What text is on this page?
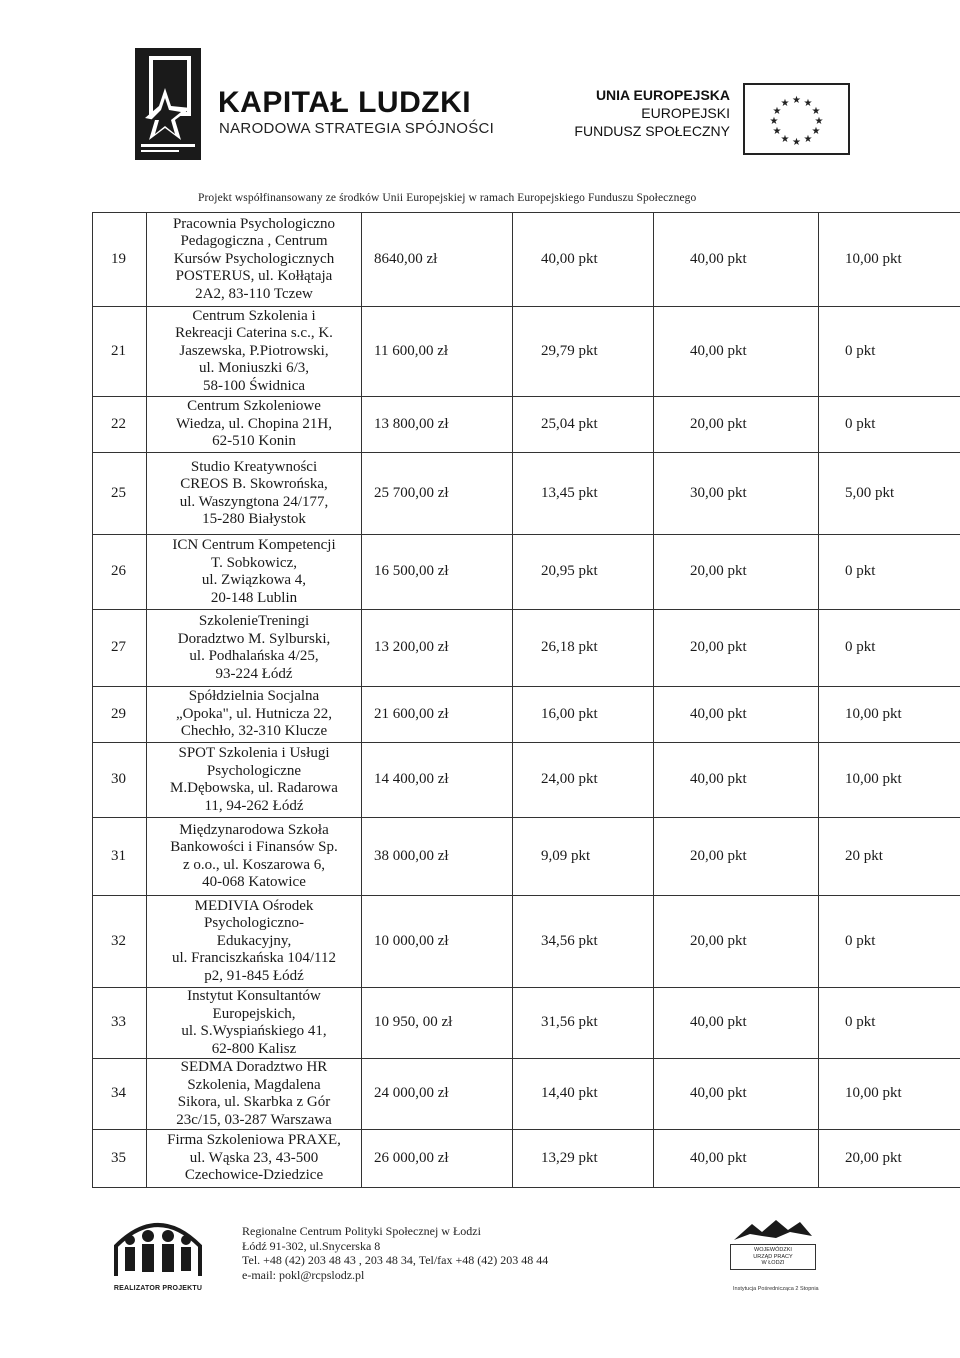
KAPITAŁ LUDZKI
NARODOWA STRATEGIA SPÓJNOŚCI
UNIA EUROPEJSKA
EUROPEJSKI
FUNDUSZ SPOŁECZNY
★ ★
★
★
★
★
★
★
★
★
★
★
Projekt współfinansowany ze środków Unii Europejskiej w ramach Europejskiego Funduszu Społecznego
19	Pracownia Psychologiczno
Pedagogiczna , Centrum
Kursów Psychologicznych
POSTERUS, ul. Kołłątaja
2A2, 83-110 Tczew	8640,00 zł	40,00 pkt	40,00 pkt	10,00 pkt
21	Centrum Szkolenia i
Rekreacji Caterina s.c., K.
Jaszewska, P.Piotrowski,
ul. Moniuszki 6/3,
58-100 Świdnica	11 600,00 zł	29,79 pkt	40,00 pkt	0 pkt
22	Centrum Szkoleniowe
Wiedza, ul. Chopina 21H,
62-510 Konin	13 800,00 zł	25,04 pkt	20,00 pkt	0 pkt
25	Studio Kreatywności
CREOS B. Skowrońska,
ul. Waszyngtona 24/177,
15-280 Białystok	25 700,00 zł	13,45 pkt	30,00 pkt	5,00 pkt
26	ICN Centrum Kompetencji
T. Sobkowicz,
ul. Związkowa 4,
20-148 Lublin	16 500,00 zł	20,95 pkt	20,00 pkt	0 pkt
27	SzkolenieTreningi
Doradztwo M. Sylburski,
ul. Podhalańska 4/25,
93-224 Łódź	13 200,00 zł	26,18 pkt	20,00 pkt	0 pkt
29	Spółdzielnia Socjalna
„Opoka", ul. Hutnicza 22,
Chechło, 32-310 Klucze	21 600,00 zł	16,00 pkt	40,00 pkt	10,00 pkt
30	SPOT Szkolenia i Usługi
Psychologiczne
M.Dębowska, ul. Radarowa
11, 94-262 Łódź	14 400,00 zł	24,00 pkt	40,00 pkt	10,00 pkt
31	Międzynarodowa Szkoła
Bankowości i Finansów Sp.
z o.o., ul. Koszarowa 6,
40-068 Katowice	38 000,00 zł	9,09 pkt	20,00 pkt	20 pkt
32	MEDIVIA Ośrodek
Psychologiczno-
Edukacyjny,
ul. Franciszkańska 104/112
p2, 91-845 Łódź	10 000,00 zł	34,56 pkt	20,00 pkt	0 pkt
33	Instytut Konsultantów
Europejskich,
ul. S.Wyspiańskiego 41,
62-800 Kalisz	10 950, 00 zł	31,56 pkt	40,00 pkt	0 pkt
34	SEDMA Doradztwo HR
Szkolenia, Magdalena
Sikora, ul. Skarbka z Gór
23c/15, 03-287 Warszawa	24 000,00 zł	14,40 pkt	40,00 pkt	10,00 pkt
35	Firma Szkoleniowa PRAXE,
ul. Wąska 23, 43-500
Czechowice-Dziedzice	26 000,00 zł	13,29 pkt	40,00 pkt	20,00 pkt
REALIZATOR PROJEKTU
Regionalne Centrum Polityki Społecznej w Łodzi
Łódź 91-302, ul.Snycerska 8
Tel. +48 (42) 203 48 43 , 203 48 34, Tel/fax +48 (42) 203 48 44
e-mail: pokl@rcpslodz.pl
WOJEWÓDZKI
URZĄD PRACY
W ŁODZI
Instytucja Pośrednicząca 2 Stopnia
